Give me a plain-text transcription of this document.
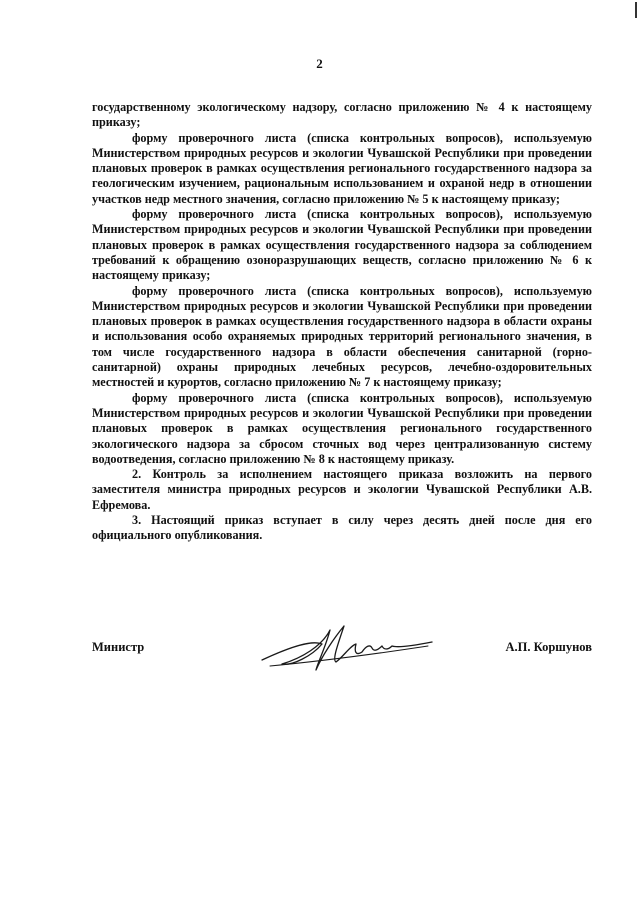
2

государственному экологическому надзору, согласно приложению № 4 к настоящему приказу;

форму проверочного листа (списка контрольных вопросов), используемую Министерством природных ресурсов и экологии Чувашской Республики при проведении плановых проверок в рамках осуществления регионального государственного надзора за геологическим изучением, рациональным использованием и охраной недр в отношении участков недр местного значения, согласно приложению № 5 к настоящему приказу;

форму проверочного листа (списка контрольных вопросов), используемую Министерством природных ресурсов и экологии Чувашской Республики при проведении плановых проверок в рамках осуществления государственного надзора за соблюдением требований к обращению озоноразрушающих веществ, согласно приложению № 6 к настоящему приказу;

форму проверочного листа (списка контрольных вопросов), используемую Министерством природных ресурсов и экологии Чувашской Республики при проведении плановых проверок в рамках осуществления государственного надзора в области охраны и использования особо охраняемых природных территорий регионального значения, в том числе государственного надзора в области обеспечения санитарной (горно-санитарной) охраны природных лечебных ресурсов, лечебно-оздоровительных местностей и курортов, согласно приложению № 7 к настоящему приказу;

форму проверочного листа (списка контрольных вопросов), используемую Министерством природных ресурсов и экологии Чувашской Республики при проведении плановых проверок в рамках осуществления регионального государственного экологического надзора за сбросом сточных вод через централизованную систему водоотведения, согласно приложению № 8 к настоящему приказу.

2. Контроль за исполнением настоящего приказа возложить на первого заместителя министра природных ресурсов и экологии Чувашской Республики А.В. Ефремова.

3. Настоящий приказ вступает в силу через десять дней после дня его официального опубликования.

Министр	А.П. Коршунов
